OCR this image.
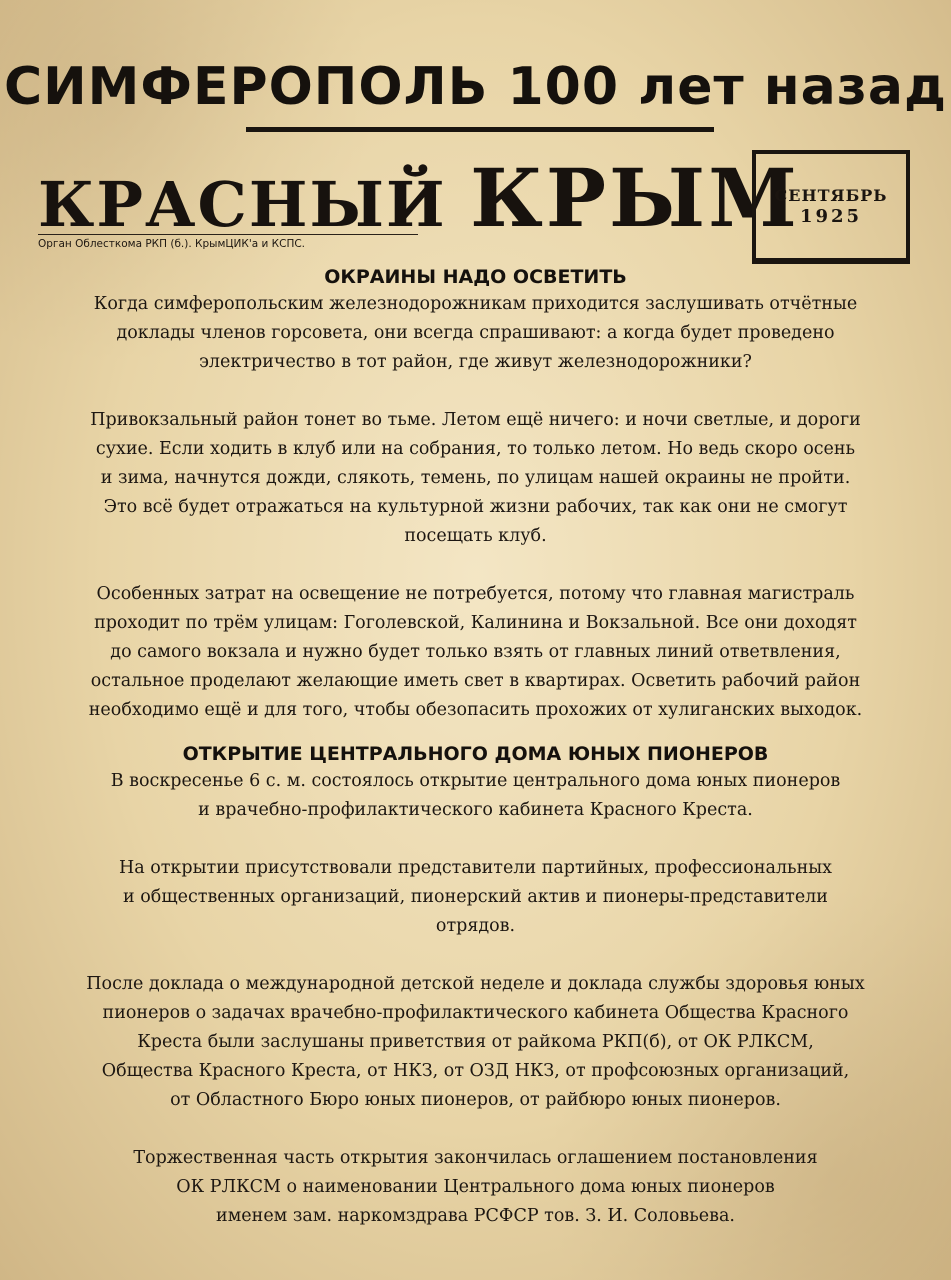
СИМФЕРОПОЛЬ 100 лет назад
КРАСНЫЙ КРЫМ
Орган Облесткома РКП (б.). КрымЦИК'а и КСПС.
СЕНТЯБРЬ
1925
ОКРАИНЫ НАДО ОСВЕТИТЬ
Когда симферопольским железнодорожникам приходится заслушивать отчётные
доклады членов горсовета, они всегда спрашивают: а когда будет проведено
электричество в тот район, где живут железнодорожники?
Привокзальный район тонет во тьме. Летом ещё ничего: и ночи светлые, и дороги
сухие. Если ходить в клуб или на собрания, то только летом. Но ведь скоро осень
и зима, начнутся дожди, слякоть, темень, по улицам нашей окраины не пройти.
Это всё будет отражаться на культурной жизни рабочих, так как они не смогут
посещать клуб.
Особенных затрат на освещение не потребуется, потому что главная магистраль
проходит по трём улицам: Гоголевской, Калинина и Вокзальной. Все они доходят
до самого вокзала и нужно будет только взять от главных линий ответвления,
остальное проделают желающие иметь свет в квартирах. Осветить рабочий район
необходимо ещё и для того, чтобы обезопасить прохожих от хулиганских выходок.
ОТКРЫТИЕ ЦЕНТРАЛЬНОГО ДОМА ЮНЫХ ПИОНЕРОВ
В воскресенье 6 с. м. состоялось открытие центрального дома юных пионеров
и врачебно-профилактического кабинета Красного Креста.
На открытии присутствовали представители партийных, профессиональных
и общественных организаций, пионерский актив и пионеры-представители
отрядов.
После доклада о международной детской неделе и доклада службы здоровья юных
пионеров о задачах врачебно-профилактического кабинета Общества Красного
Креста были заслушаны приветствия от райкома РКП(б), от ОК РЛКСМ,
Общества Красного Креста, от НКЗ, от ОЗД НКЗ, от профсоюзных организаций,
от Областного Бюро юных пионеров, от райбюро юных пионеров.
Торжественная часть открытия закончилась оглашением постановления
ОК РЛКСМ о наименовании Центрального дома юных пионеров
именем зам. наркомздрава РСФСР тов. З. И. Соловьева.
